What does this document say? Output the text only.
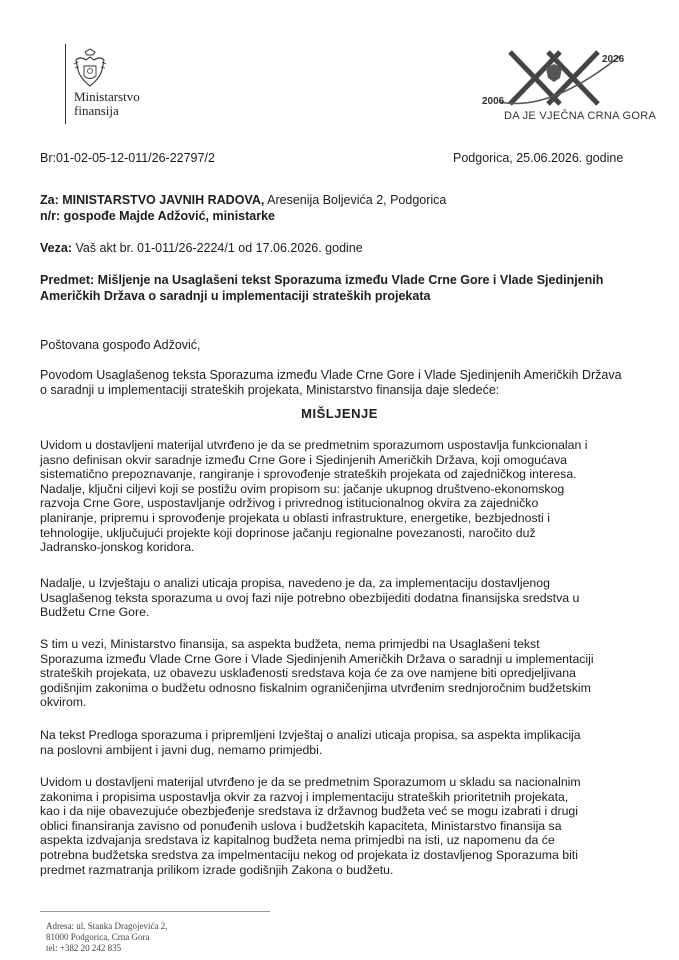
Ministarstvo
finansija
2006
2026
DA JE VJEČNA CRNA GORA
Br:01-02-05-12-011/26-22797/2	Podgorica, 25.06.2026. godine
Za: MINISTARSTVO JAVNIH RADOVA, Aresenija Boljevića 2, Podgorica
n/r: gospođe Majde Adžović, ministarke
Veza: Vaš akt br. 01-011/26-2224/1 od 17.06.2026. godine
Predmet: Mišljenje na Usaglašeni tekst Sporazuma između Vlade Crne Gore i Vlade Sjedinjenih
Američkih Država o saradnji u implementaciji strateških projekata
Poštovana gospođo Adžović,
Povodom Usaglašenog teksta Sporazuma između Vlade Crne Gore i Vlade Sjedinjenih Američkih Država
o saradnji u implementaciji strateških projekata, Ministarstvo finansija daje sledeće:
MIŠLJENJE
Uvidom u dostavljeni materijal utvrđeno je da se predmetnim sporazumom uspostavlja funkcionalan i
jasno definisan okvir saradnje između Crne Gore i Sjedinjenih Američkih Država, koji omogućava
sistematično prepoznavanje, rangiranje i sprovođenje strateških projekata od zajedničkog interesa.
Nadalje, ključni ciljevi koji se postižu ovim propisom su: jačanje ukupnog društveno-ekonomskog
razvoja Crne Gore, uspostavljanje održivog i privrednog istitucionalnog okvira za zajedničko
planiranje, pripremu i sprovođenje projekata u oblasti infrastrukture, energetike, bezbjednosti i
tehnologije, uključujući projekte koji doprinose jačanju regionalne povezanosti, naročito duž
Jadransko-jonskog koridora.
Nadalje, u Izvještaju o analizi uticaja propisa, navedeno je da, za implementaciju dostavljenog
Usaglašenog teksta sporazuma u ovoj fazi nije potrebno obezbijediti dodatna finansijska sredstva u
Budžetu Crne Gore.
S tim u vezi, Ministarstvo finansija, sa aspekta budžeta, nema primjedbi na Usaglašeni tekst
Sporazuma između Vlade Crne Gore i Vlade Sjedinjenih Američkih Država o saradnji u implementaciji
strateških projekata, uz obavezu usklađenosti sredstava koja će za ove namjene biti opredjeljivana
godišnjim zakonima o budžetu odnosno fiskalnim ograničenjima utvrđenim srednjoročnim budžetskim
okvirom.
Na tekst Predloga sporazuma i pripremljeni Izvještaj o analizi uticaja propisa, sa aspekta implikacija
na poslovni ambijent i javni dug, nemamo primjedbi.
Uvidom u dostavljeni materijal utvrđeno je da se predmetnim Sporazumom u skladu sa nacionalnim
zakonima i propisima uspostavlja okvir za razvoj i implementaciju strateških prioritetnih projekata,
kao i da nije obavezujuće obezbjeđenje sredstava iz državnog budžeta već se mogu izabrati i drugi
oblici finansiranja zavisno od ponuđenih uslova i budžetskih kapaciteta, Ministarstvo finansija sa
aspekta izdvajanja sredstava iz kapitalnog budžeta nema primjedbi na isti, uz napomenu da će
potrebna budžetska sredstva za impelmentaciju nekog od projekata iz dostavljenog Sporazuma biti
predmet razmatranja prilikom izrade godišnjih Zakona o budžetu.
Adresa: ul. Stanka Dragojevića 2,
81000 Podgorica, Crna Gora
tel: +382 20 242 835
